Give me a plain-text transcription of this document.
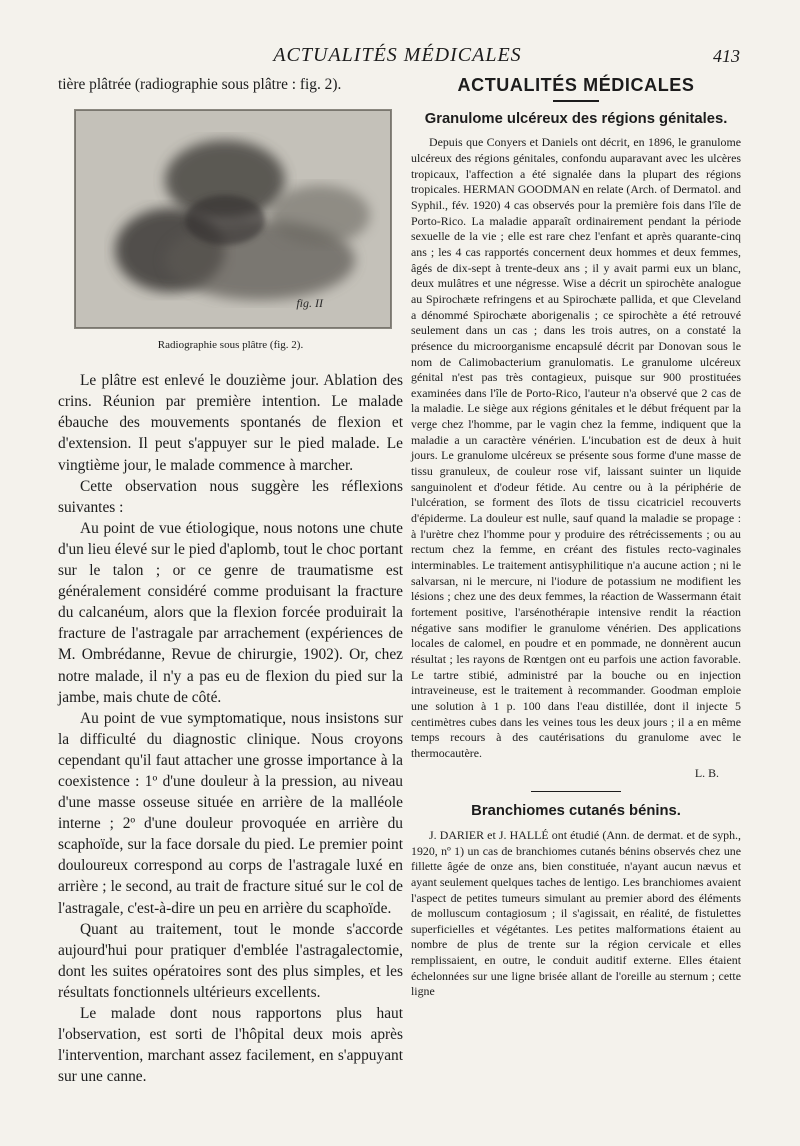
ACTUALITÉS MÉDICALES	413

tière plâtrée (radiographie sous plâtre : fig. 2).

fig. II
Radiographie sous plâtre (fig. 2).

Le plâtre est enlevé le douzième jour. Ablation des crins. Réunion par première intention. Le malade ébauche des mouvements spontanés de flexion et d'extension. Il peut s'appuyer sur le pied malade. Le vingtième jour, le malade commence à marcher.

Cette observation nous suggère les réflexions suivantes :

Au point de vue étiologique, nous notons une chute d'un lieu élevé sur le pied d'aplomb, tout le choc portant sur le talon ; or ce genre de traumatisme est généralement considéré comme produisant la fracture du calcanéum, alors que la flexion forcée produirait la fracture de l'astragale par arrachement (expériences de M. Ombrédanne, Revue de chirurgie, 1902). Or, chez notre malade, il n'y a pas eu de flexion du pied sur la jambe, mais chute de côté.

Au point de vue symptomatique, nous insistons sur la difficulté du diagnostic clinique. Nous croyons cependant qu'il faut attacher une grosse importance à la coexistence : 1º d'une douleur à la pression, au niveau d'une masse osseuse située en arrière de la malléole interne ; 2º d'une douleur provoquée en arrière du scaphoïde, sur la face dorsale du pied. Le premier point douloureux correspond au corps de l'astragale luxé en arrière ; le second, au trait de fracture situé sur le col de l'astragale, c'est-à-dire un peu en arrière du scaphoïde.

Quant au traitement, tout le monde s'accorde aujourd'hui pour pratiquer d'emblée l'astragalectomie, dont les suites opératoires sont des plus simples, et les résultats fonctionnels ultérieurs excellents.

Le malade dont nous rapportons plus haut l'observation, est sorti de l'hôpital deux mois après l'intervention, marchant assez facilement, en s'appuyant sur une canne.

ACTUALITÉS MÉDICALES
Granulome ulcéreux des régions génitales.

Depuis que Conyers et Daniels ont décrit, en 1896, le granulome ulcéreux des régions génitales, confondu auparavant avec les ulcères tropicaux, l'affection a été signalée dans la plupart des régions tropicales. HERMAN GOODMAN en relate (Arch. of Dermatol. and Syphil., fév. 1920) 4 cas observés pour la première fois dans l'île de Porto-Rico. La maladie apparaît ordinairement pendant la période sexuelle de la vie ; elle est rare chez l'enfant et après quarante-cinq ans ; les 4 cas rapportés concernent deux hommes et deux femmes, âgés de dix-sept à trente-deux ans ; il y avait parmi eux un blanc, deux mulâtres et une négresse. Wise a décrit un spirochète analogue au Spirochæte refringens et au Spirochæte pallida, et que Cleveland a dénommé Spirochæte aborigenalis ; ce spirochète a été retrouvé seulement dans un cas ; dans les trois autres, on a constaté la présence du microorganisme encapsulé décrit par Donovan sous le nom de Calimobacterium granulomatis. Le granulome ulcéreux génital n'est pas très contagieux, puisque sur 900 prostituées examinées dans l'île de Porto-Rico, l'auteur n'a observé que 2 cas de la maladie. Le siège aux régions génitales et le début fréquent par la verge chez l'homme, par le vagin chez la femme, indiquent que la maladie a un caractère vénérien. L'incubation est de deux à huit jours. Le granulome ulcéreux se présente sous forme d'une masse de tissu granuleux, de couleur rose vif, laissant suinter un liquide sanguinolent et d'odeur fétide. Au centre ou à la périphérie de l'ulcération, se forment des îlots de tissu cicatriciel recouverts d'épiderme. La douleur est nulle, sauf quand la maladie se propage : à l'urètre chez l'homme pour y produire des rétrécissements ; ou au rectum chez la femme, en créant des fistules recto-vaginales interminables. Le traitement antisyphilitique n'a aucune action ; ni le salvarsan, ni le mercure, ni l'iodure de potassium ne modifient les lésions ; chez une des deux femmes, la réaction de Wassermann était fortement positive, l'arsénothérapie intensive rendit la réaction négative sans modifier le granulome vénérien. Des applications locales de calomel, en poudre et en pommade, ne donnèrent aucun résultat ; les rayons de Rœntgen ont eu parfois une action favorable. Le tartre stibié, administré par la bouche ou en injection intraveineuse, est le traitement à recommander. Goodman emploie une solution à 1 p. 100 dans l'eau distillée, dont il injecte 5 centimètres cubes dans les veines tous les deux jours ; il a en même temps recours à des cautérisations du granulome avec le thermocautère.

L. B.
Branchiomes cutanés bénins.

J. DARIER et J. HALLÉ ont étudié (Ann. de dermat. et de syph., 1920, nº 1) un cas de branchiomes cutanés bénins observés chez une fillette âgée de onze ans, bien constituée, n'ayant aucun nævus et ayant seulement quelques taches de lentigo. Les branchiomes avaient l'aspect de petites tumeurs simulant au premier abord des éléments de molluscum contagiosum ; il s'agissait, en réalité, de fistulettes superficielles et végétantes. Les petites malformations étaient au nombre de plus de trente sur la région cervicale et elles remplissaient, en outre, le conduit auditif externe. Elles étaient échelonnées sur une ligne brisée allant de l'oreille au sternum ; cette ligne
